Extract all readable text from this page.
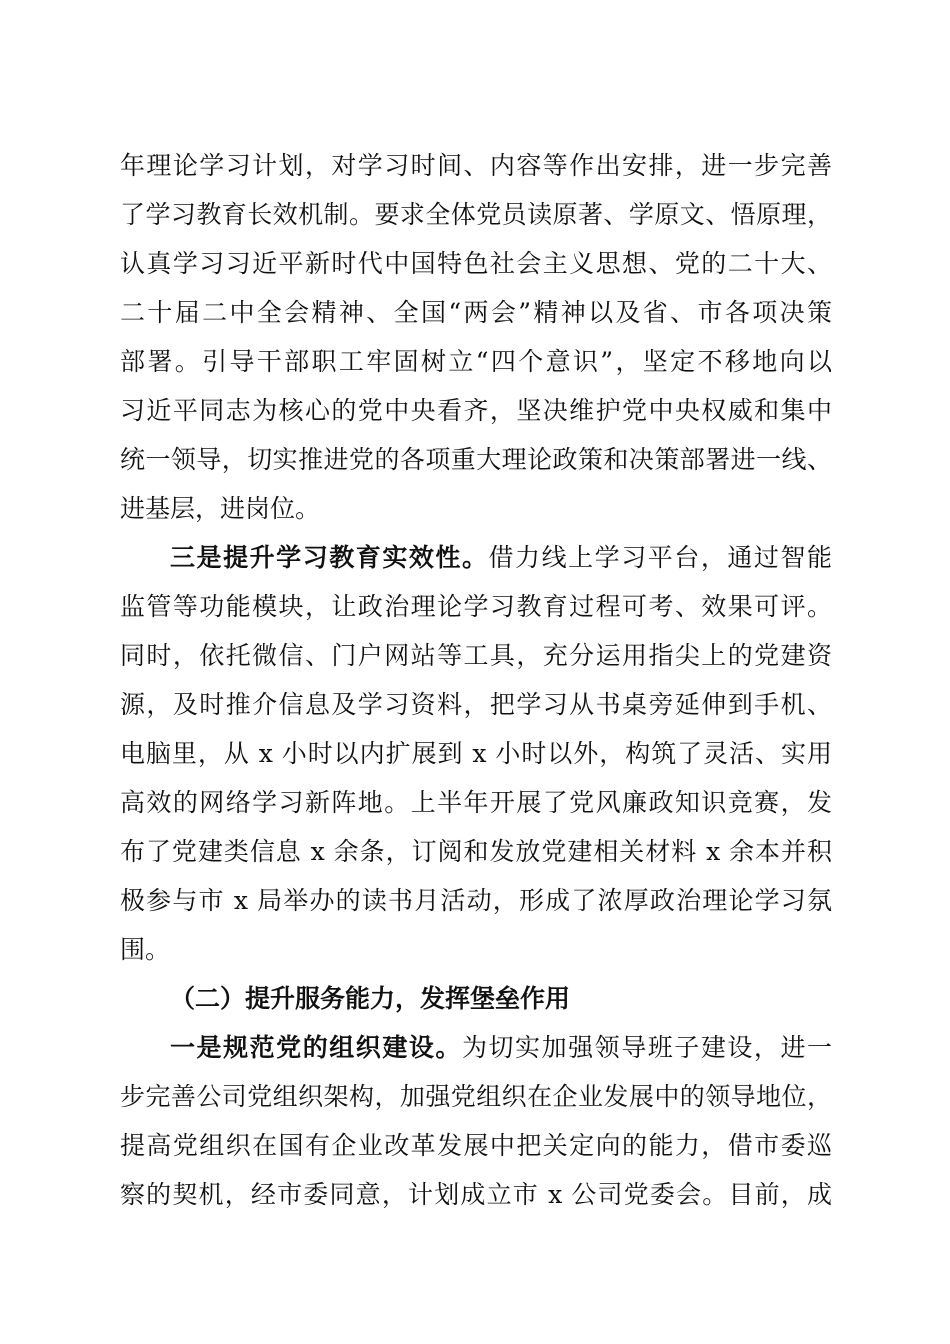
年理论学习计划，对学习时间、内容等作出安排，进一步完善
了学习教育长效机制。要求全体党员读原著、学原文、悟原理，
认真学习习近平新时代中国特色社会主义思想、党的二十大、
二十届二中全会精神、全国“两会”精神以及省、市各项决策
部署。引导干部职工牢固树立“四个意识”，坚定不移地向以
习近平同志为核心的党中央看齐，坚决维护党中央权威和集中
统一领导，切实推进党的各项重大理论政策和决策部署进一线、
进基层，进岗位。
三是提升学习教育实效性。借力线上学习平台，通过智能
监管等功能模块，让政治理论学习教育过程可考、效果可评。
同时，依托微信、门户网站等工具，充分运用指尖上的党建资
源，及时推介信息及学习资料，把学习从书桌旁延伸到手机、
电脑里，从 x 小时以内扩展到 x 小时以外，构筑了灵活、实用
高效的网络学习新阵地。上半年开展了党风廉政知识竞赛，发
布了党建类信息 x 余条，订阅和发放党建相关材料 x 余本并积
极参与市 x 局举办的读书月活动，形成了浓厚政治理论学习氛
围。
（二）提升服务能力，发挥堡垒作用
一是规范党的组织建设。为切实加强领导班子建设，进一
步完善公司党组织架构，加强党组织在企业发展中的领导地位，
提高党组织在国有企业改革发展中把关定向的能力，借市委巡
察的契机，经市委同意，计划成立市 x 公司党委会。目前，成
